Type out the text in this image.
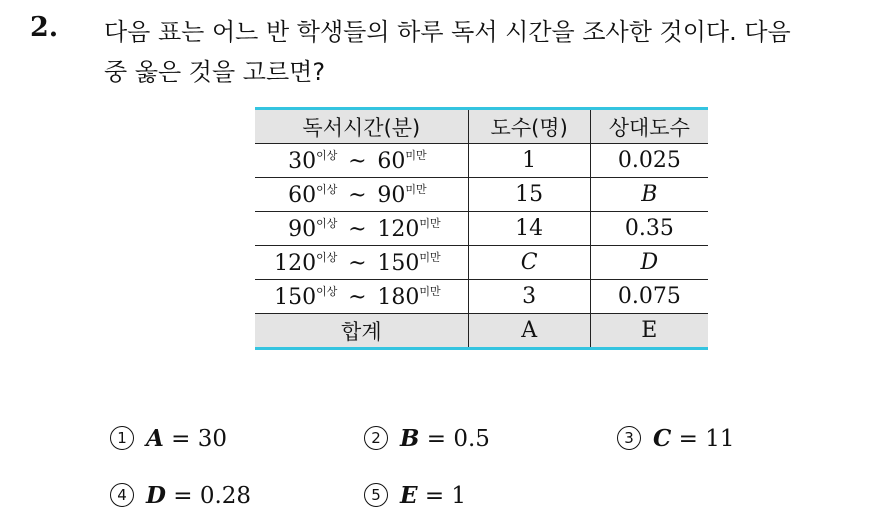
2. 다음 표는 어느 반 학생들의 하루 독서 시간을 조사한 것이다. 다음
중 옳은 것을 고르면?
독서시간(분)	도수(명)	상대도수
$30^{이상}$ ~ $60^{미만}$	1	0.025
$60^{이상}$ ~ $90^{미만}$	15	B
$90^{이상}$ ~ $120^{미만}$	14	0.35
$120^{이상}$ ~ $150^{미만}$	C	D
$150^{이상}$ ~ $180^{미만}$	3	0.075
합계	A	E
1 A = 30	2 B = 0.5	3 C = 11
4 D = 0.28	5 E = 1
